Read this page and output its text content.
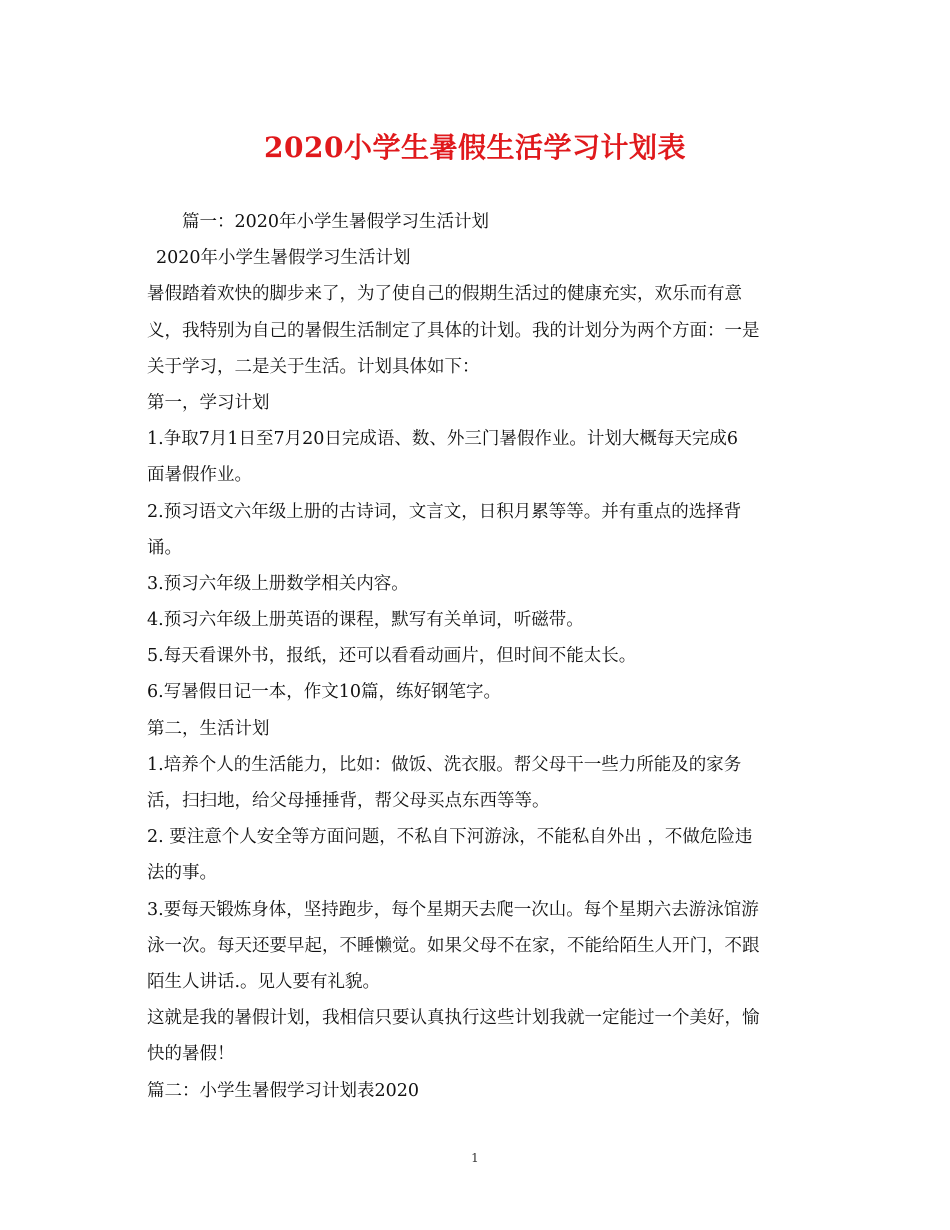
2020小学生暑假生活学习计划表
篇一：2020年小学生暑假学习生活计划
2020年小学生暑假学习生活计划
暑假踏着欢快的脚步来了，为了使自己的假期生活过的健康充实，欢乐而有意
义，我特别为自己的暑假生活制定了具体的计划。我的计划分为两个方面：一是
关于学习，二是关于生活。计划具体如下：
第一，学习计划
1.争取7月1日至7月20日完成语、数、外三门暑假作业。计划大概每天完成6
面暑假作业。
2.预习语文六年级上册的古诗词，文言文，日积月累等等。并有重点的选择背
诵。
3.预习六年级上册数学相关内容。
4.预习六年级上册英语的课程，默写有关单词，听磁带。
5.每天看课外书，报纸，还可以看看动画片，但时间不能太长。
6.写暑假日记一本，作文10篇，练好钢笔字。
第二，生活计划
1.培养个人的生活能力，比如：做饭、洗衣服。帮父母干一些力所能及的家务
活，扫扫地，给父母捶捶背，帮父母买点东西等等。
2. 要注意个人安全等方面问题，不私自下河游泳，不能私自外出 ，不做危险违
法的事。
3.要每天锻炼身体，坚持跑步，每个星期天去爬一次山。每个星期六去游泳馆游
泳一次。每天还要早起，不睡懒觉。如果父母不在家，不能给陌生人开门，不跟
陌生人讲话.。见人要有礼貌。
这就是我的暑假计划，我相信只要认真执行这些计划我就一定能过一个美好，愉
快的暑假！
篇二：小学生暑假学习计划表2020
1
